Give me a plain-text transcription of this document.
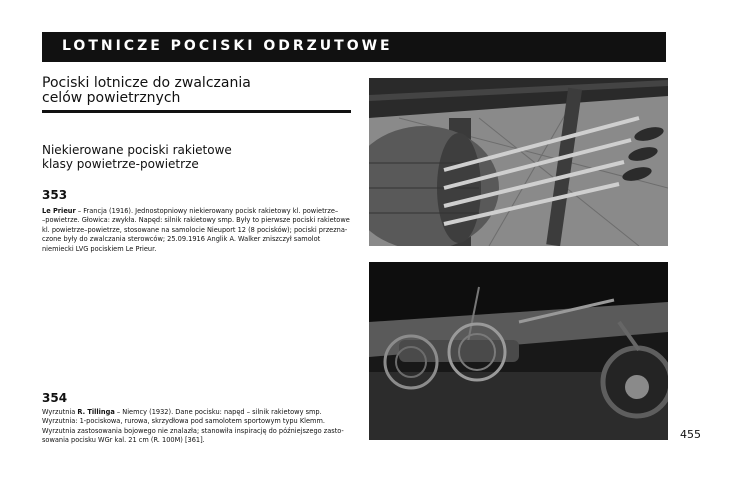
LOTNICZE POCISKI ODRZUTOWE
Pociski lotnicze do zwalczania
celów powietrznych
Niekierowane pociski rakietowe
klasy powietrze-powietrze
353
Le Prieur – Francja (1916). Jednostopniowy niekierowany pocisk rakietowy kl. powietrze–
–powietrze. Głowica: zwykła. Napęd: silnik rakietowy smp. Były to pierwsze pociski rakietowe
kl. powietrze–powietrze, stosowane na samolocie Nieuport 12 (8 pocisków); pociski przezna-
czone były do zwalczania sterowców; 25.09.1916 Anglik A. Walker zniszczył samolot
niemiecki LVG pociskiem Le Prieur.
354
Wyrzutnia R. Tillinga – Niemcy (1932). Dane pocisku: napęd – silnik rakietowy smp.
Wyrzutnia: 1-pociskowa, rurowa, skrzydłowa pod samolotem sportowym typu Klemm.
Wyrzutnia zastosowania bojowego nie znalazła; stanowiła inspirację do późniejszego zasto-
sowania pocisku WGr kal. 21 cm (R. 100M) [361].	455
